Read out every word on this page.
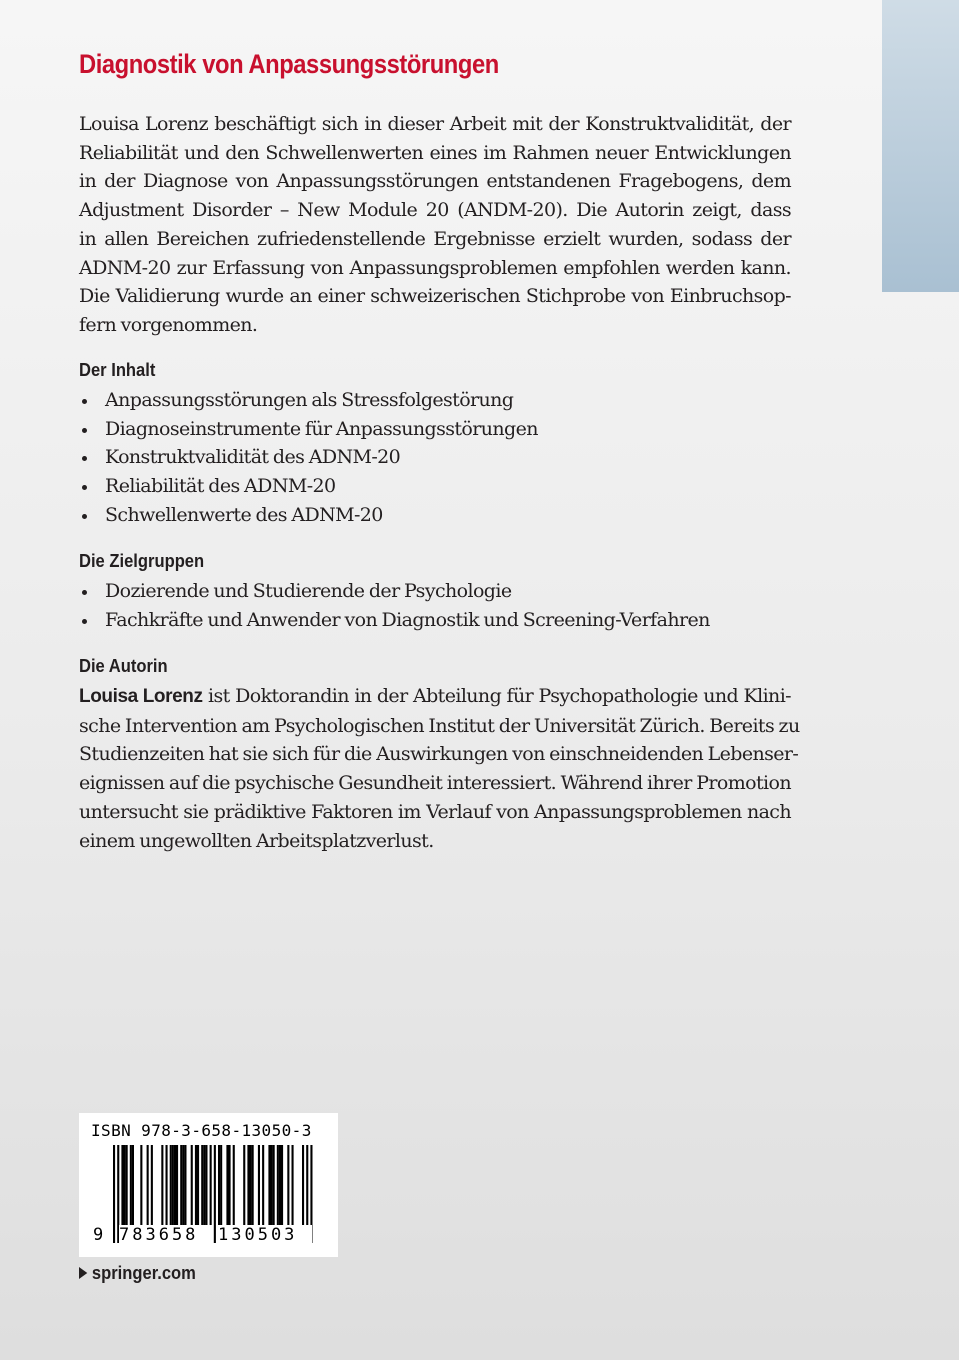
Diagnostik von Anpassungsstörungen

Louisa Lorenz beschäftigt sich in dieser Arbeit mit der Konstruktvalidität, der
Reliabilität und den Schwellenwerten eines im Rahmen neuer Entwicklungen
in der Diagnose von Anpassungsstörungen entstandenen Fragebogens, dem
Adjustment Disorder – New Module 20 (ANDM-20). Die Autorin zeigt, dass
in allen Bereichen zufriedenstellende Ergebnisse erzielt wurden, sodass der
ADNM-20 zur Erfassung von Anpassungsproblemen empfohlen werden kann.
Die Validierung wurde an einer schweizerischen Stichprobe von Einbruchsop-
fern vorgenommen.

Der Inhalt
Anpassungsstörungen als Stressfolgestörung
Diagnoseinstrumente für Anpassungsstörungen
Konstruktvalidität des ADNM-20
Reliabilität des ADNM-20
Schwellenwerte des ADNM-20
Die Zielgruppen
Dozierende und Studierende der Psychologie
Fachkräfte und Anwender von Diagnostik und Screening-Verfahren
Die Autorin

Louisa Lorenz ist Doktorandin in der Abteilung für Psychopathologie und Klini-
sche Intervention am Psychologischen Institut der Universität Zürich. Bereits zu
Studienzeiten hat sie sich für die Auswirkungen von einschneidenden Lebenser-
eignissen auf die psychische Gesundheit interessiert. Während ihrer Promotion
untersucht sie prädiktive Faktoren im Verlauf von Anpassungsproblemen nach
einem ungewollten Arbeitsplatzverlust.

ISBN 978-3-658-13050-3
9 783658	130503
springer.com
